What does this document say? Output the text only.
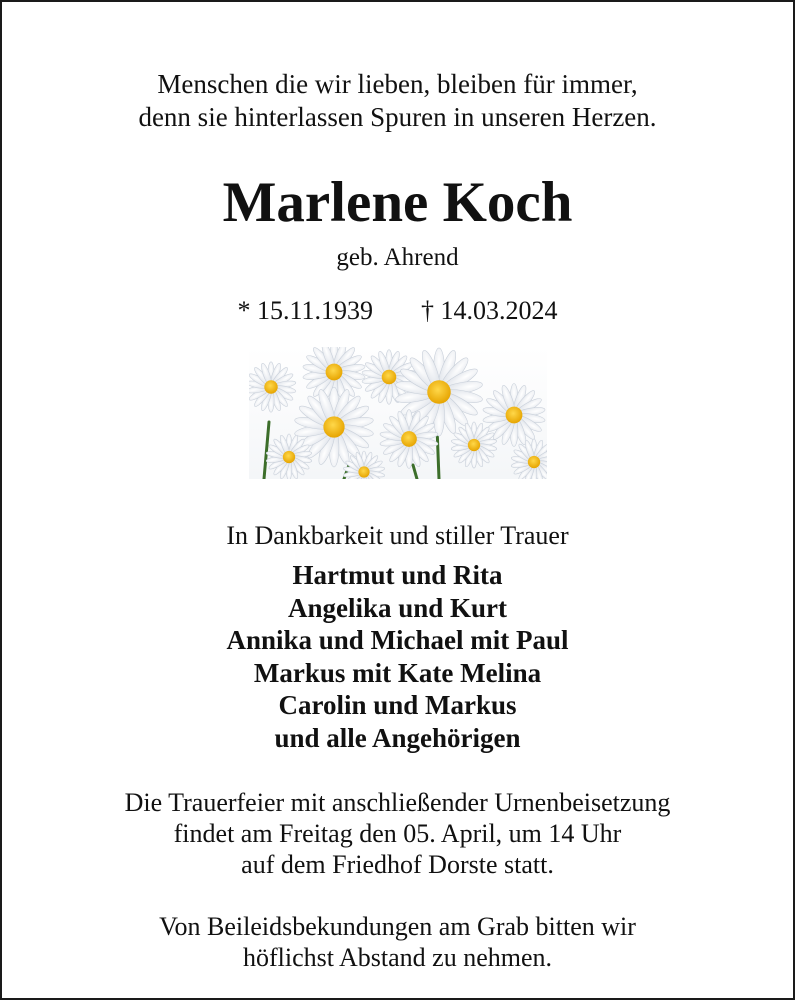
Menschen die wir lieben, bleiben für immer,
denn sie hinterlassen Spuren in unseren Herzen.
Marlene Koch
geb. Ahrend
* 15.11.1939 † 14.03.2024
In Dankbarkeit und stiller Trauer
Hartmut und Rita
Angelika und Kurt
Annika und Michael mit Paul
Markus mit Kate Melina
Carolin und Markus
und alle Angehörigen
Die Trauerfeier mit anschließender Urnenbeisetzung
findet am Freitag den 05. April, um 14 Uhr
auf dem Friedhof Dorste statt.
Von Beileidsbekundungen am Grab bitten wir
höflichst Abstand zu nehmen.
